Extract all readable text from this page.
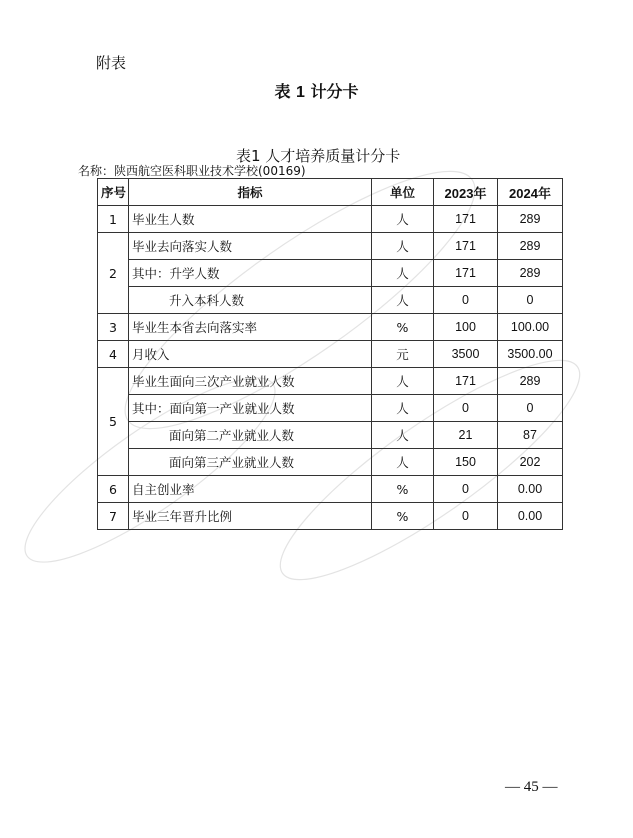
附表
表 1 计分卡
表1 人才培养质量计分卡
名称：陕西航空医科职业技术学校(00169)
序号	指标	单位	2023年	2024年
1	毕业生人数	人	171	289
2	毕业去向落实人数	人	171	289
	其中：升学人数	人	171	289
	升入本科人数	人	0	0
3	毕业生本省去向落实率	%	100	100.00
4	月收入	元	3500	3500.00
5	毕业生面向三次产业就业人数	人	171	289
	其中：面向第一产业就业人数	人	0	0
	面向第二产业就业人数	人	21	87
	面向第三产业就业人数	人	150	202
6	自主创业率	%	0	0.00
7	毕业三年晋升比例	%	0	0.00
— 45 —
